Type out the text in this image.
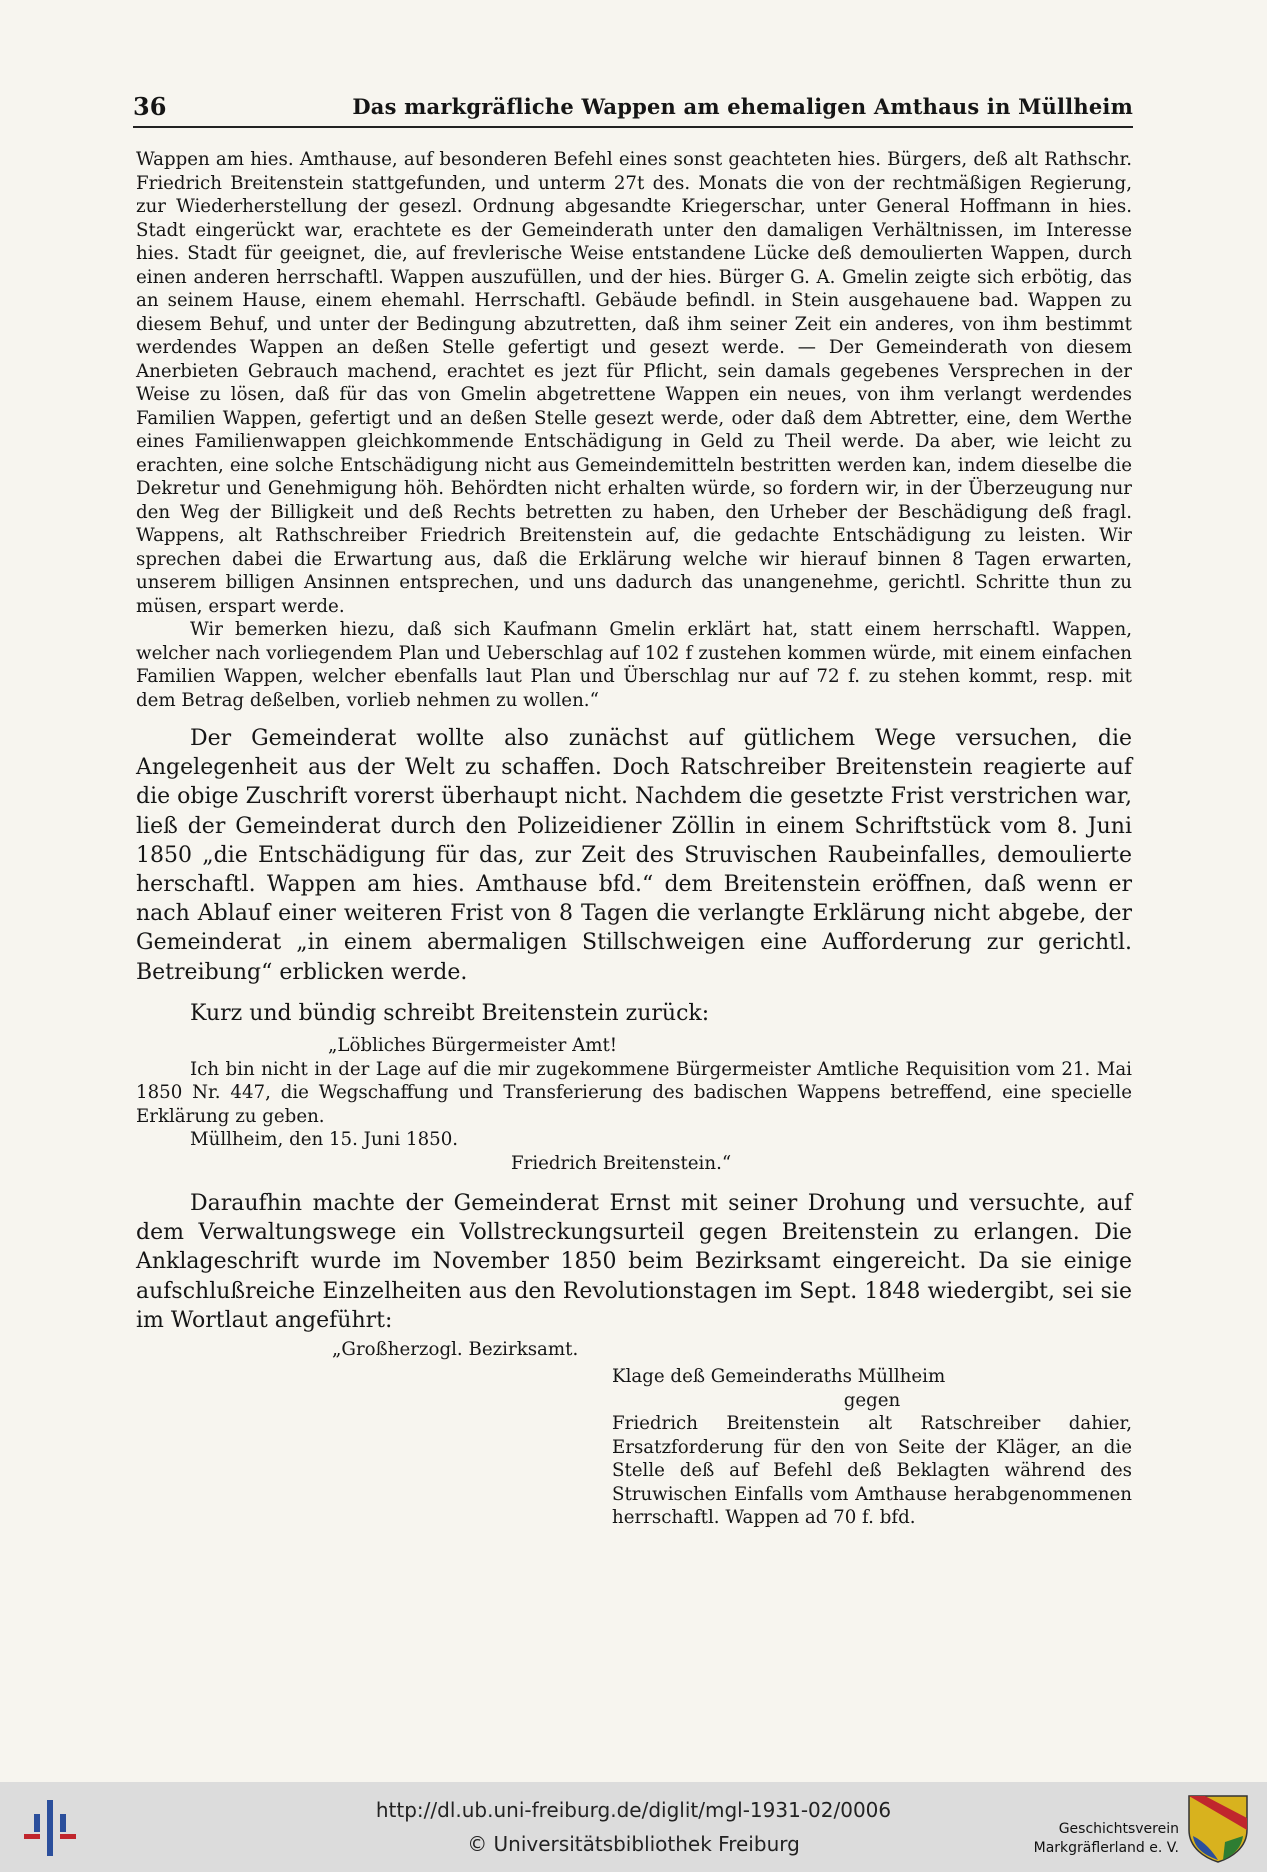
36	Das markgräfliche Wappen am ehemaligen Amthaus in Müllheim

Wappen am hies. Amthause, auf besonderen Befehl eines sonst geachteten hies. Bürgers, deß alt Rathschr. Friedrich Breitenstein stattgefunden, und unterm 27t des. Monats die von der rechtmäßigen Regierung, zur Wiederherstellung der gesezl. Ordnung abgesandte Kriegerschar, unter General Hoffmann in hies. Stadt eingerückt war, erachtete es der Gemeinderath unter den damaligen Verhältnissen, im Interesse hies. Stadt für geeignet, die, auf frevlerische Weise entstandene Lücke deß demoulierten Wappen, durch einen anderen herrschaftl. Wappen auszufüllen, und der hies. Bürger G. A. Gmelin zeigte sich erbötig, das an seinem Hause, einem ehemahl. Herrschaftl. Gebäude befindl. in Stein ausgehauene bad. Wappen zu diesem Behuf, und unter der Bedingung abzutretten, daß ihm seiner Zeit ein anderes, von ihm bestimmt werdendes Wappen an deßen Stelle gefertigt und gesezt werde. — Der Gemeinderath von diesem Anerbieten Gebrauch machend, erachtet es jezt für Pflicht, sein damals gegebenes Versprechen in der Weise zu lösen, daß für das von Gmelin abgetrettene Wappen ein neues, von ihm verlangt werdendes Familien Wappen, gefertigt und an deßen Stelle gesezt werde, oder daß dem Abtretter, eine, dem Werthe eines Familienwappen gleichkommende Entschädigung in Geld zu Theil werde. Da aber, wie leicht zu erachten, eine solche Entschädigung nicht aus Gemeindemitteln bestritten werden kan, indem dieselbe die Dekretur und Genehmigung höh. Behördten nicht erhalten würde, so fordern wir, in der Überzeugung nur den Weg der Billigkeit und deß Rechts betretten zu haben, den Urheber der Beschädigung deß fragl. Wappens, alt Rathschreiber Friedrich Breitenstein auf, die gedachte Entschädigung zu leisten. Wir sprechen dabei die Erwartung aus, daß die Erklärung welche wir hierauf binnen 8 Tagen erwarten, unserem billigen Ansinnen entsprechen, und uns dadurch das unangenehme, gerichtl. Schritte thun zu müsen, erspart werde.

Wir bemerken hiezu, daß sich Kaufmann Gmelin erklärt hat, statt einem herrschaftl. Wappen, welcher nach vorliegendem Plan und Ueberschlag auf 102 f zustehen kommen würde, mit einem einfachen Familien Wappen, welcher ebenfalls laut Plan und Überschlag nur auf 72 f. zu stehen kommt, resp. mit dem Betrag deßelben, vorlieb nehmen zu wollen.“

Der Gemeinderat wollte also zunächst auf gütlichem Wege versuchen, die Angelegenheit aus der Welt zu schaffen. Doch Ratschreiber Breitenstein reagierte auf die obige Zuschrift vorerst überhaupt nicht. Nachdem die gesetzte Frist verstrichen war, ließ der Gemeinderat durch den Polizeidiener Zöllin in einem Schriftstück vom 8. Juni 1850 „die Entschädigung für das, zur Zeit des Struvischen Raubeinfalles, demoulierte herschaftl. Wappen am hies. Amthause bfd.“ dem Breitenstein eröffnen, daß wenn er nach Ablauf einer weiteren Frist von 8 Tagen die verlangte Erklärung nicht abgebe, der Gemeinderat „in einem abermaligen Stillschweigen eine Aufforderung zur gerichtl. Betreibung“ erblicken werde.

Kurz und bündig schreibt Breitenstein zurück:

„Löbliches Bürgermeister Amt!

Ich bin nicht in der Lage auf die mir zugekommene Bürgermeister Amtliche Requisition vom 21. Mai 1850 Nr. 447, die Wegschaffung und Transferierung des badischen Wappens betreffend, eine specielle Erklärung zu geben.

Müllheim, den 15. Juni 1850.

Friedrich Breitenstein.“

Daraufhin machte der Gemeinderat Ernst mit seiner Drohung und versuchte, auf dem Verwaltungswege ein Vollstreckungsurteil gegen Breitenstein zu erlangen. Die Anklageschrift wurde im November 1850 beim Bezirksamt eingereicht. Da sie einige aufschlußreiche Einzelheiten aus den Revolutionstagen im Sept. 1848 wiedergibt, sei sie im Wortlaut angeführt:

„Großherzogl. Bezirksamt.
Klage deß Gemeinderaths Müllheim
gegen
Friedrich Breitenstein alt Ratschreiber dahier, Ersatzforderung für den von Seite der Kläger, an die Stelle deß auf Befehl deß Beklagten während des Struwischen Einfalls vom Amthause herabgenommenen herrschaftl. Wappen ad 70 f. bfd.
http://dl.ub.uni-freiburg.de/diglit/mgl-1931-02/0006
© Universitätsbibliothek Freiburg
Geschichtsverein
Markgräflerland e. V.
